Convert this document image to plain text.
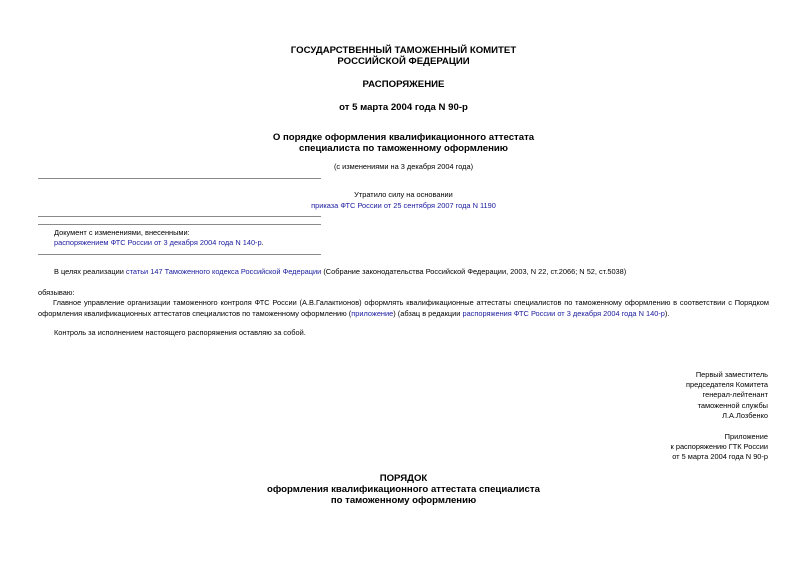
ГОСУДАРСТВЕННЫЙ ТАМОЖЕННЫЙ КОМИТЕТ
РОССИЙСКОЙ ФЕДЕРАЦИИ
РАСПОРЯЖЕНИЕ
от 5 марта 2004 года N 90-р
О порядке оформления квалификационного аттестата
специалиста по таможенному оформлению
(с изменениями на 3 декабря 2004 года)
Утратило силу на основании
приказа ФТС России от 25 сентября 2007 года N 1190
Документ с изменениями, внесенными:
распоряжением ФТС России от 3 декабря 2004 года N 140-р.
В целях реализации статьи 147 Таможенного кодекса Российской Федерации (Собрание законодательства Российской Федерации, 2003, N 22, ст.2066; N 52, ст.5038)
обязываю:
Главное управление организации таможенного контроля ФТС России (А.В.Галактионов) оформлять квалификационные аттестаты специалистов по таможенному оформлению в соответствии с Порядком оформления квалификационных аттестатов специалистов по таможенному оформлению (приложение) (абзац в редакции распоряжения ФТС России от 3 декабря 2004 года N 140-р).
Контроль за исполнением настоящего распоряжения оставляю за собой.
Первый заместитель
председателя Комитета
генерал-лейтенант
таможенной службы
Л.А.Лозбенко
Приложение
к распоряжению ГТК России
от 5 марта 2004 года N 90-р
ПОРЯДОК
оформления квалификационного аттестата специалиста
по таможенному оформлению
